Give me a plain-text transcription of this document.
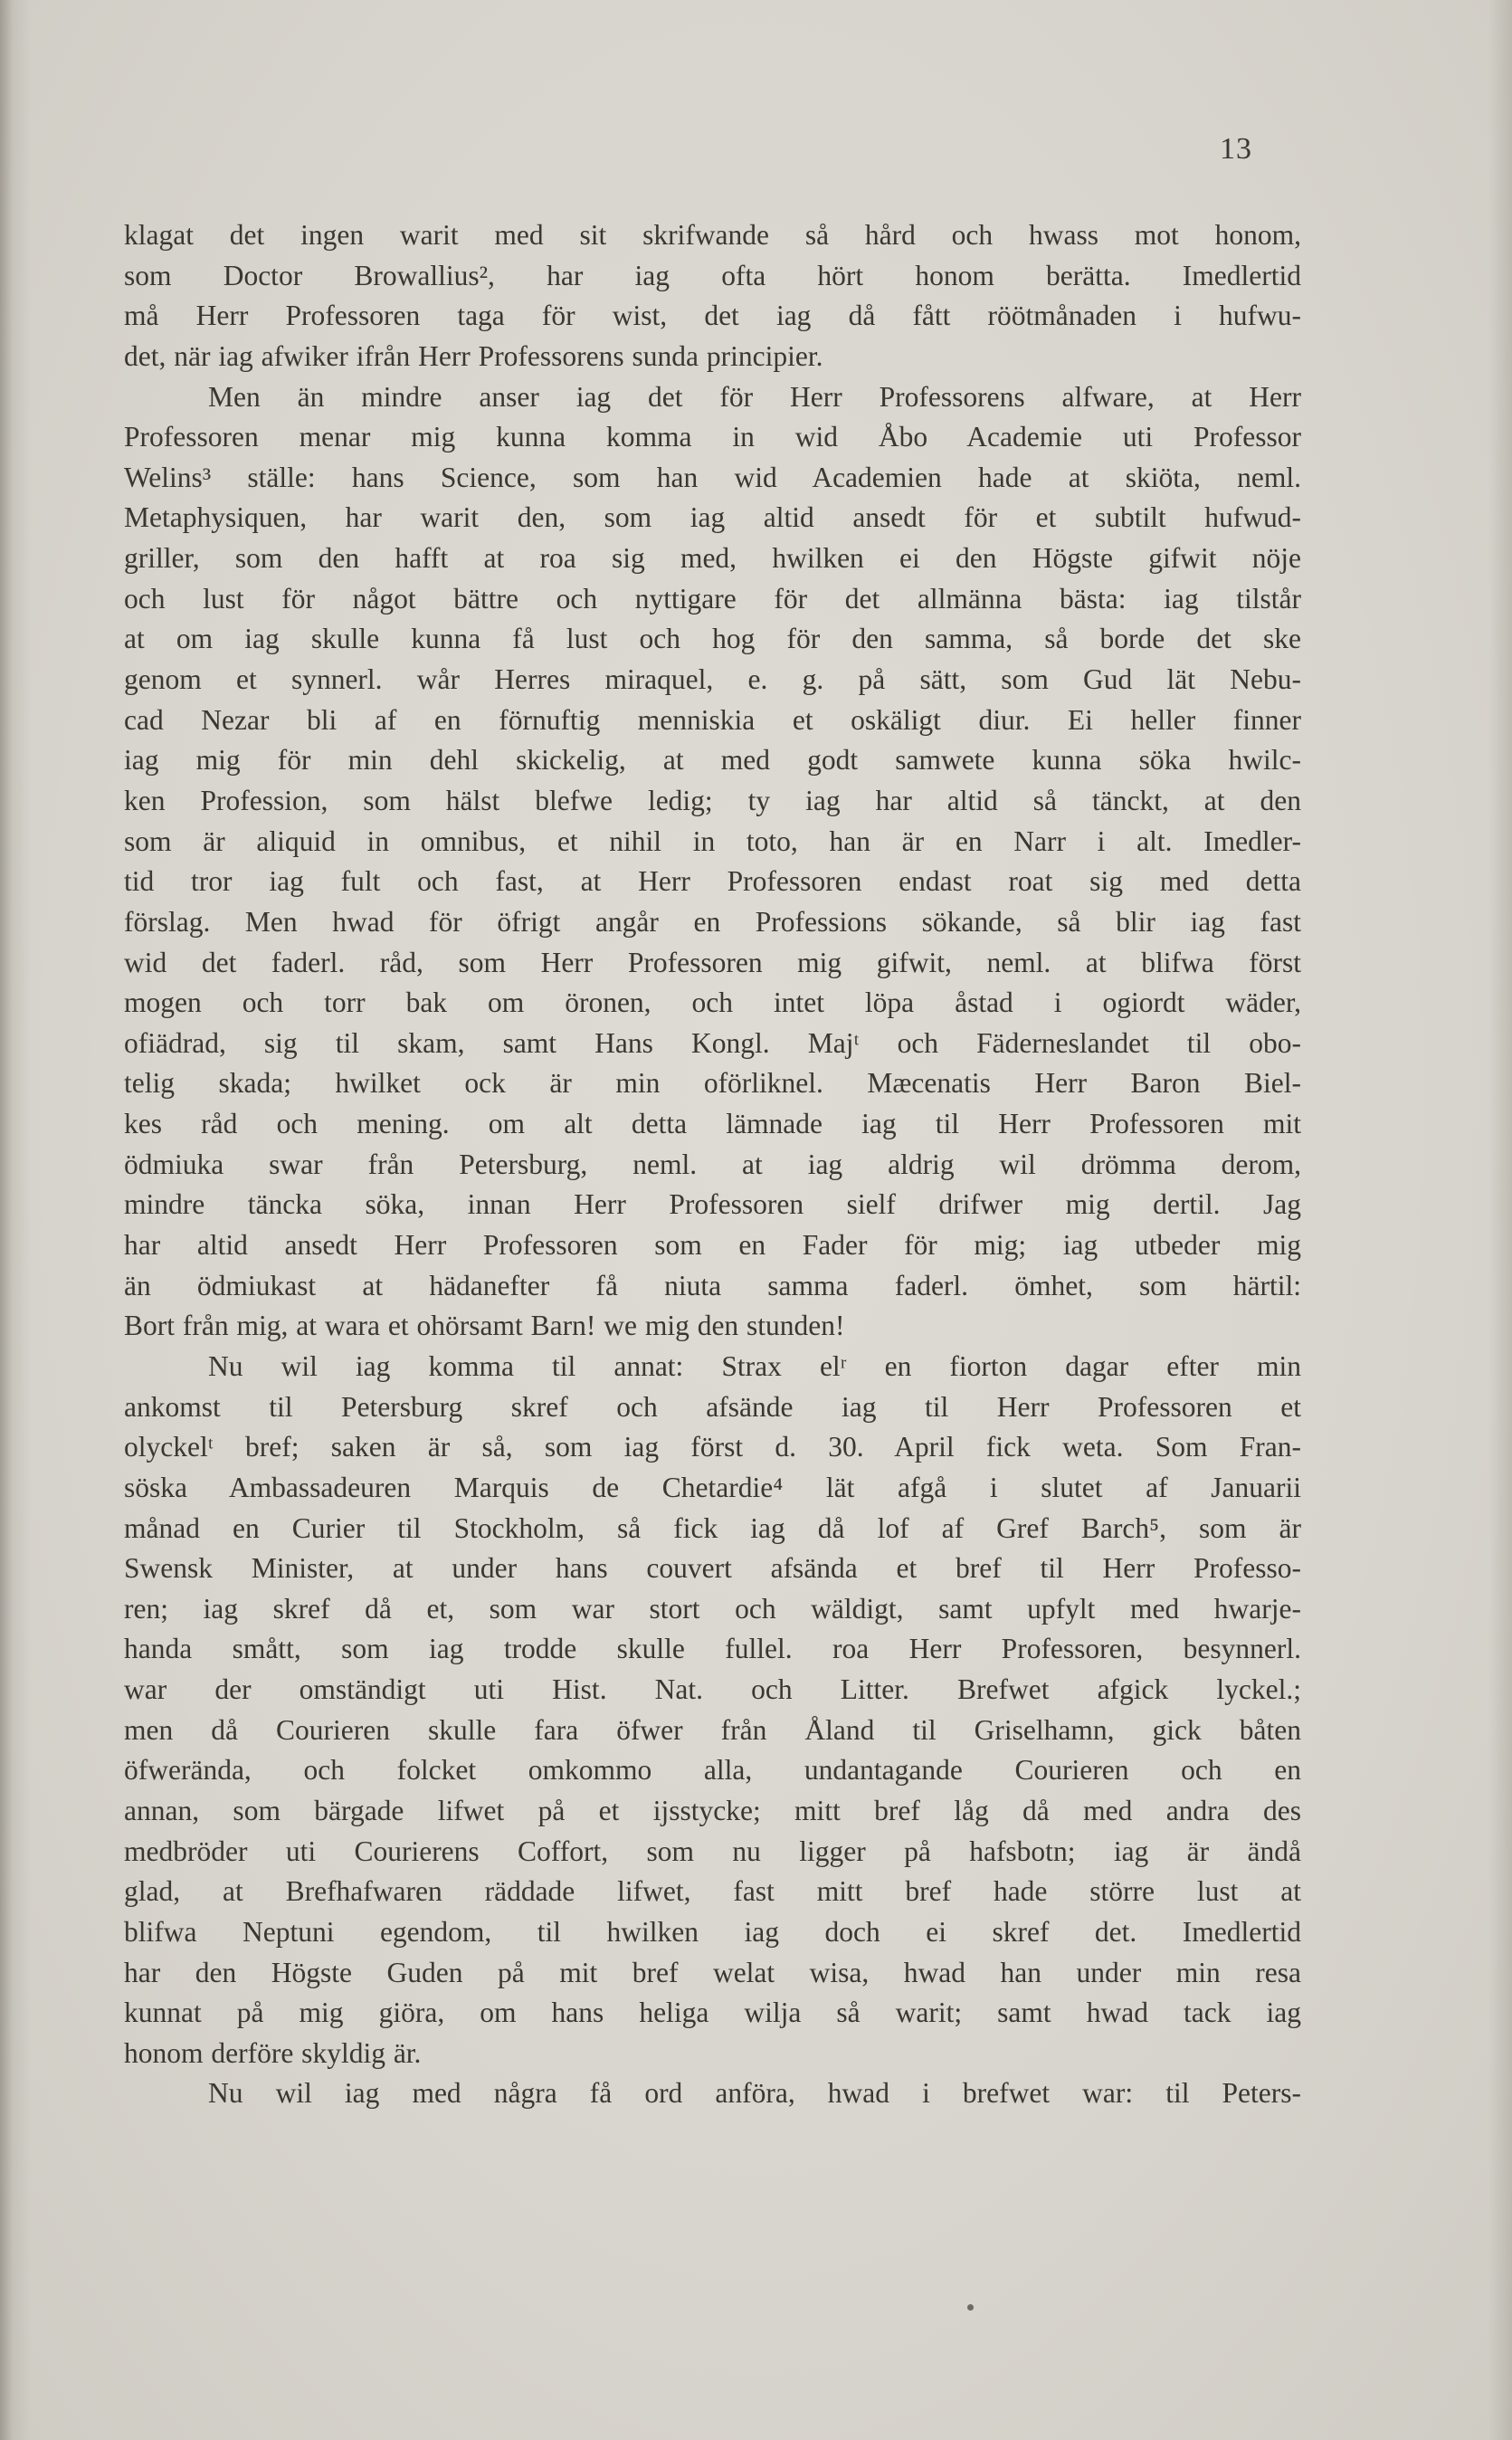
13
klagat det ingen warit med sit skrifwande så hård och hwass mot honom,
som Doctor Browallius², har iag ofta hört honom berätta. Imedlertid
må Herr Professoren taga för wist, det iag då fått röötmånaden i hufwu-
det, när iag afwiker ifrån Herr Professorens sunda principier.
Men än mindre anser iag det för Herr Professorens alfware, at Herr
Professoren menar mig kunna komma in wid Åbo Academie uti Professor
Welins³ ställe: hans Science, som han wid Academien hade at skiöta, neml.
Metaphysiquen, har warit den, som iag altid ansedt för et subtilt hufwud-
griller, som den hafft at roa sig med, hwilken ei den Högste gifwit nöje
och lust för något bättre och nyttigare för det allmänna bästa: iag tilstår
at om iag skulle kunna få lust och hog för den samma, så borde det ske
genom et synnerl. wår Herres miraquel, e. g. på sätt, som Gud lät Nebu-
cad Nezar bli af en förnuftig menniskia et oskäligt diur. Ei heller finner
iag mig för min dehl skickelig, at med godt samwete kunna söka hwilc-
ken Profession, som hälst blefwe ledig; ty iag har altid så tänckt, at den
som är aliquid in omnibus, et nihil in toto, han är en Narr i alt. Imedler-
tid tror iag fult och fast, at Herr Professoren endast roat sig med detta
förslag. Men hwad för öfrigt angår en Professions sökande, så blir iag fast
wid det faderl. råd, som Herr Professoren mig gifwit, neml. at blifwa först
mogen och torr bak om öronen, och intet löpa åstad i ogiordt wäder,
ofiädrad, sig til skam, samt Hans Kongl. Majᵗ och Fäderneslandet til obo-
telig skada; hwilket ock är min oförliknel. Mæcenatis Herr Baron Biel-
kes råd och mening. om alt detta lämnade iag til Herr Professoren mit
ödmiuka swar från Petersburg, neml. at iag aldrig wil drömma derom,
mindre täncka söka, innan Herr Professoren sielf drifwer mig dertil. Jag
har altid ansedt Herr Professoren som en Fader för mig; iag utbeder mig
än ödmiukast at hädanefter få niuta samma faderl. ömhet, som härtil:
Bort från mig, at wara et ohörsamt Barn! we mig den stunden!
Nu wil iag komma til annat: Strax elʳ en fiorton dagar efter min
ankomst til Petersburg skref och afsände iag til Herr Professoren et
olyckelᵗ bref; saken är så, som iag först d. 30. April fick weta. Som Fran-
söska Ambassadeuren Marquis de Chetardie⁴ lät afgå i slutet af Januarii
månad en Curier til Stockholm, så fick iag då lof af Gref Barch⁵, som är
Swensk Minister, at under hans couvert afsända et bref til Herr Professo-
ren; iag skref då et, som war stort och wäldigt, samt upfylt med hwarje-
handa smått, som iag trodde skulle fullel. roa Herr Professoren, besynnerl.
war der omständigt uti Hist. Nat. och Litter. Brefwet afgick lyckel.;
men då Courieren skulle fara öfwer från Åland til Griselhamn, gick båten
öfwerända, och folcket omkommo alla, undantagande Courieren och en
annan, som bärgade lifwet på et ijsstycke; mitt bref låg då med andra des
medbröder uti Courierens Coffort, som nu ligger på hafsbotn; iag är ändå
glad, at Brefhafwaren räddade lifwet, fast mitt bref hade större lust at
blifwa Neptuni egendom, til hwilken iag doch ei skref det. Imedlertid
har den Högste Guden på mit bref welat wisa, hwad han under min resa
kunnat på mig giöra, om hans heliga wilja så warit; samt hwad tack iag
honom derföre skyldig är.
Nu wil iag med några få ord anföra, hwad i brefwet war: til Peters-
